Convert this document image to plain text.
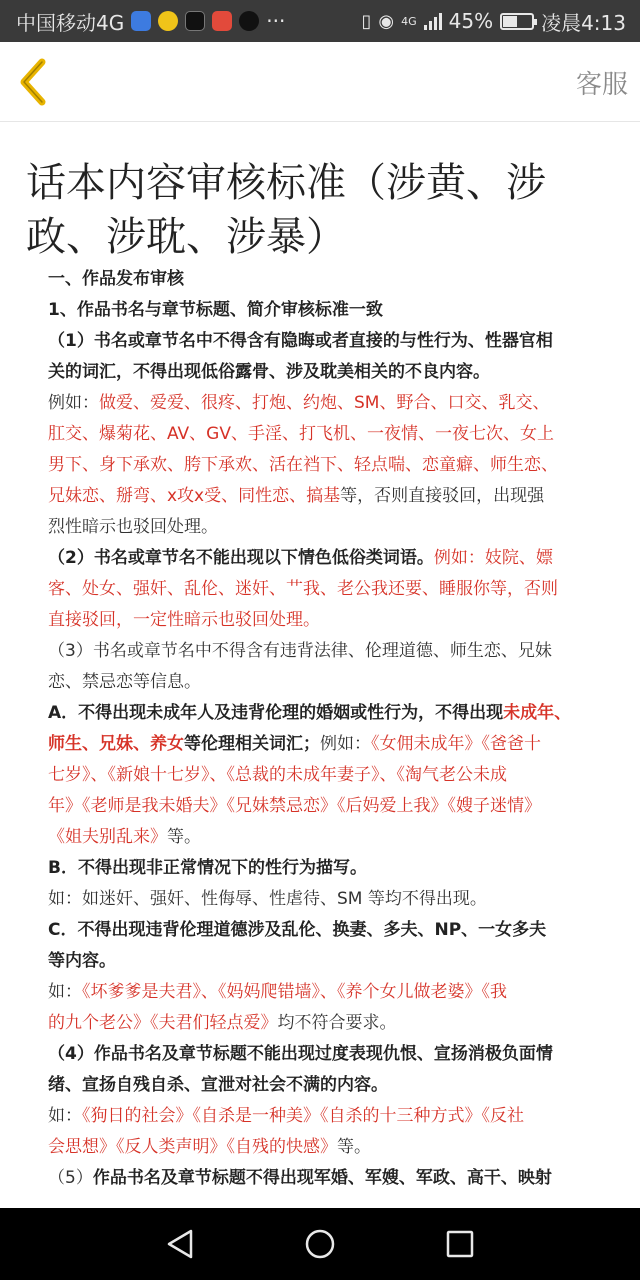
中国移动4G	···	▯ ◉ 4G 45% 凌晨4:13
客服
话本内容审核标准（涉黄、涉政、涉耽、涉暴）
一、作品发布审核
1、作品书名与章节标题、简介审核标准一致
（1）书名或章节名中不得含有隐晦或者直接的与性行为、性器官相
关的词汇，不得出现低俗露骨、涉及耽美相关的不良内容。
例如：做爱、爱爱、很疼、打炮、约炮、SM、野合、口交、乳交、
肛交、爆菊花、AV、GV、手淫、打飞机、一夜情、一夜七次、女上
男下、身下承欢、胯下承欢、活在裆下、轻点喘、恋童癖、师生恋、
兄妹恋、掰弯、x攻x受、同性恋、搞基等，否则直接驳回，出现强
烈性暗示也驳回处理。
（2）书名或章节名不能出现以下情色低俗类词语。例如：妓院、嫖
客、处女、强奸、乱伦、迷奸、艹我、老公我还要、睡服你等，否则
直接驳回，一定性暗示也驳回处理。
（3）书名或章节名中不得含有违背法律、伦理道德、师生恋、兄妹
恋、禁忌恋等信息。
A．不得出现未成年人及违背伦理的婚姻或性行为，不得出现未成年、
师生、兄妹、养女等伦理相关词汇；例如：《女佣未成年》《爸爸十
七岁》、《新娘十七岁》、《总裁的未成年妻子》、《淘气老公未成
年》《老师是我未婚夫》《兄妹禁忌恋》《后妈爱上我》《嫂子迷情》
《姐夫别乱来》等。
B．不得出现非正常情况下的性行为描写。
如：如迷奸、强奸、性侮辱、性虐待、SM 等均不得出现。
C．不得出现违背伦理道德涉及乱伦、换妻、多夫、NP、一女多夫
等内容。
如：《坏爹爹是夫君》、《妈妈爬错墙》、《养个女儿做老婆》《我
的九个老公》《夫君们轻点爱》均不符合要求。
（4）作品书名及章节标题不能出现过度表现仇恨、宣扬消极负面情
绪、宣扬自残自杀、宣泄对社会不满的内容。
如：《狗日的社会》《自杀是一种美》《自杀的十三种方式》《反社
会思想》《反人类声明》《自残的快感》等。
（5）作品书名及章节标题不得出现军婚、军嫂、军政、高干、映射
